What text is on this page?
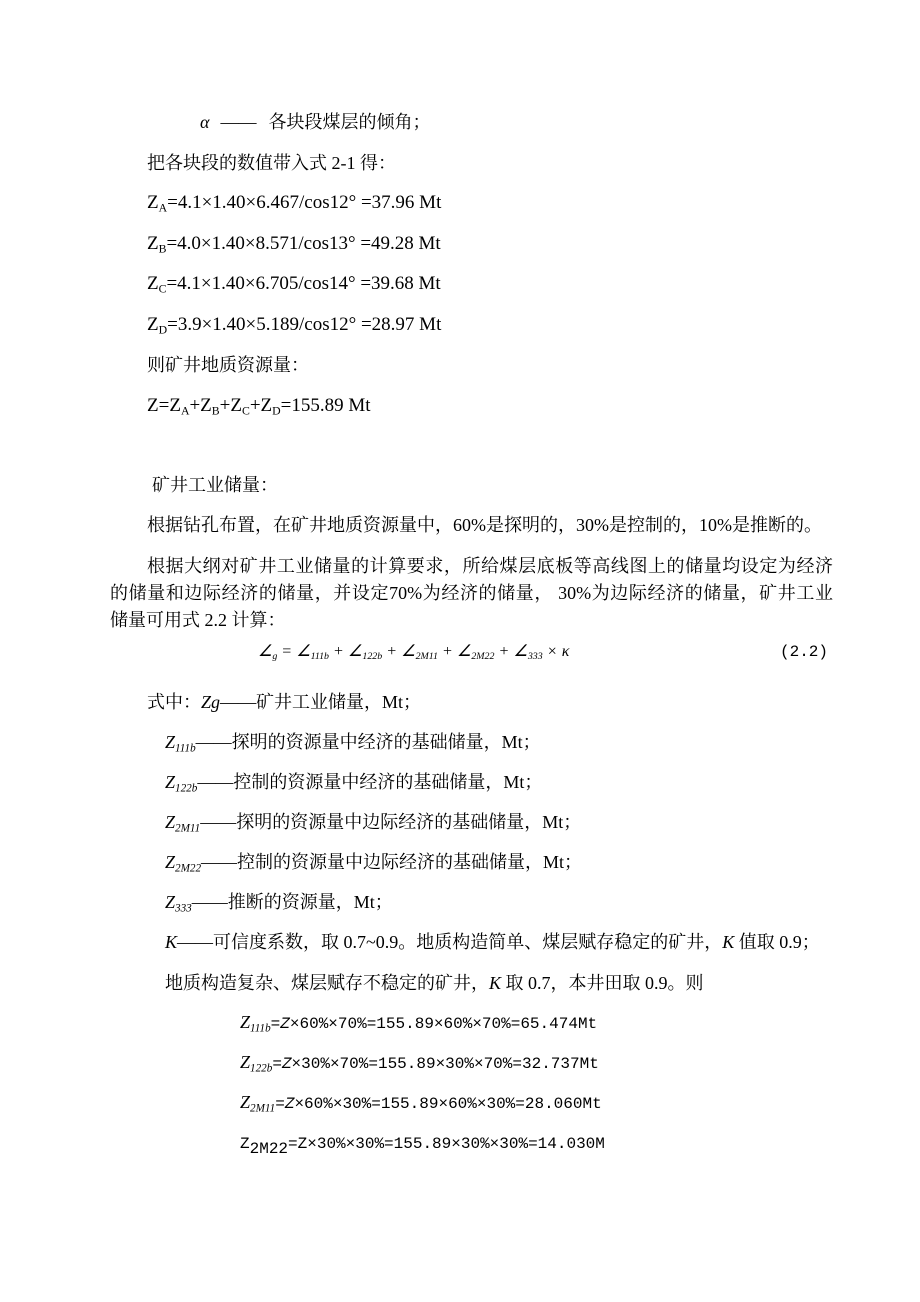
α —— 各块段煤层的倾角；
把各块段的数值带入式 2-1 得：
$Z_A=4.1\times 1.40\times 6.467/\cos 12^\circ =37.96$ Mt
$Z_B=4.0\times 1.40\times 8.571/\cos 13^\circ =49.28$ Mt
$Z_C=4.1\times 1.40\times 6.705/\cos 14^\circ =39.68$ Mt
$Z_D=3.9\times 1.40\times 5.189/\cos 12^\circ =28.97$ Mt
则矿井地质资源量：
$Z=Z_A+Z_B+Z_C+Z_D=155.89$ Mt
矿井工业储量：
根据钻孔布置，在矿井地质资源量中，60%是探明的，30%是控制的，10%是推断的。
根据大纲对矿井工业储量的计算要求，所给煤层底板等高线图上的储量均设定为经济
的储量和边际经济的储量，并设定70%为经济的储量， 30%为边际经济的储量，矿井工业
储量可用式 2.2 计算：
$\angle_g$ = $\angle_{111b}$ + $\angle_{122b}$ + $\angle_{2M11}$ + $\angle_{2M22}$ + $\angle_{333} \times \kappa$	(2.2)
式中：Zg——矿井工业储量，Mt；
$Z_{111b}——$探明的资源量中经济的基础储量，Mt；
$Z_{122b}——$控制的资源量中经济的基础储量，Mt；
$Z_{2M11}——$探明的资源量中边际经济的基础储量，Mt；
$Z_{2M22}——$控制的资源量中边际经济的基础储量，Mt；
$Z_{333}——$推断的资源量，Mt；
K——可信度系数，取 0.7~0.9。地质构造简单、煤层赋存稳定的矿井，K 值取 0.9；
地质构造复杂、煤层赋存不稳定的矿井，K 取 0.7，本井田取 0.9。则
$Z_{111b}=Z\times 60\%\times 70\%=155.89\times 60\%\times 70\%=65.474Mt$
$Z_{122b}=Z\times 30\%\times 70\%=155.89\times 30\%\times 70\%=32.737Mt$
$Z_{2M11}=Z\times 60\%\times 30\%=155.89\times 60\%\times 30\%=28.060Mt$
$Z_{2M22}=Z\times 30\%\times 30\%=155.89\times 30\%\times 30\%=14.030M$
